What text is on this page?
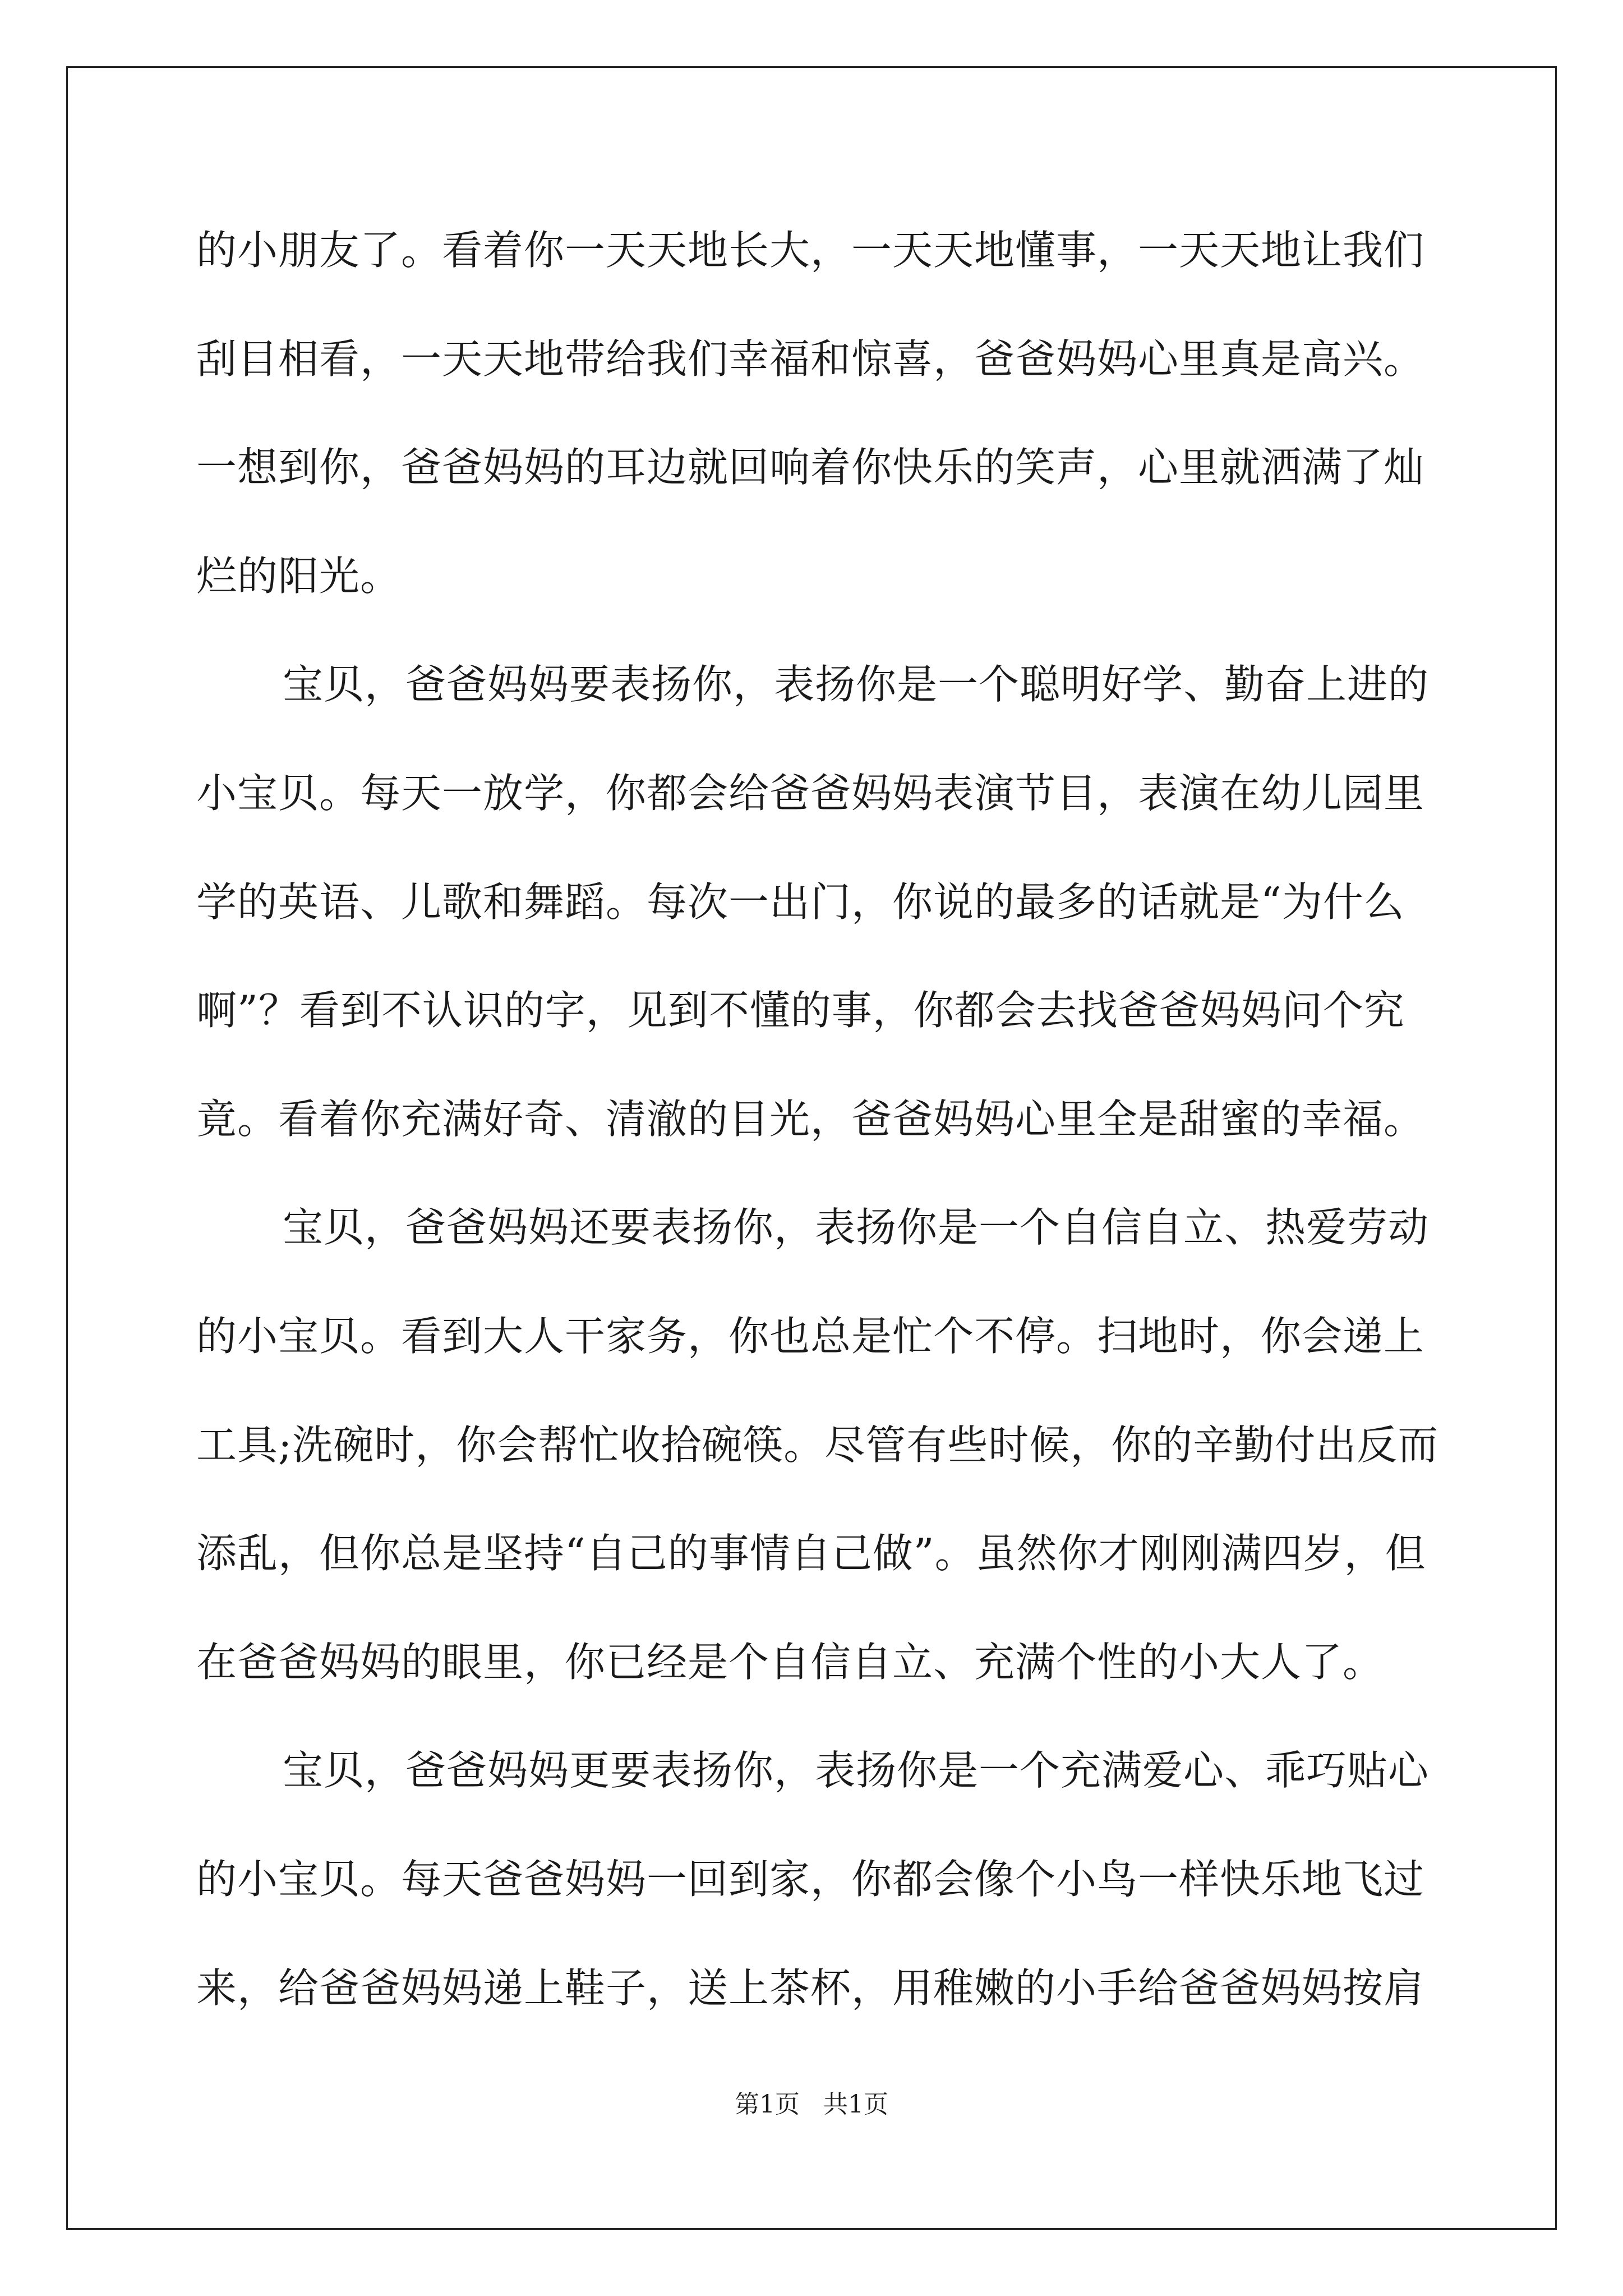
的小朋友了。看着你一天天地长大，一天天地懂事，一天天地让我们
刮目相看，一天天地带给我们幸福和惊喜，爸爸妈妈心里真是高兴。
一想到你，爸爸妈妈的耳边就回响着你快乐的笑声，心里就洒满了灿
烂的阳光。
宝贝，爸爸妈妈要表扬你，表扬你是一个聪明好学、勤奋上进的
小宝贝。每天一放学，你都会给爸爸妈妈表演节目，表演在幼儿园里
学的英语、儿歌和舞蹈。每次一出门，你说的最多的话就是“为什么
啊”？看到不认识的字，见到不懂的事，你都会去找爸爸妈妈问个究
竟。看着你充满好奇、清澈的目光，爸爸妈妈心里全是甜蜜的幸福。
宝贝，爸爸妈妈还要表扬你，表扬你是一个自信自立、热爱劳动
的小宝贝。看到大人干家务，你也总是忙个不停。扫地时，你会递上
工具;洗碗时，你会帮忙收拾碗筷。尽管有些时候，你的辛勤付出反而
添乱，但你总是坚持“自己的事情自己做”。虽然你才刚刚满四岁，但
在爸爸妈妈的眼里，你已经是个自信自立、充满个性的小大人了。
宝贝，爸爸妈妈更要表扬你，表扬你是一个充满爱心、乖巧贴心
的小宝贝。每天爸爸妈妈一回到家，你都会像个小鸟一样快乐地飞过
来，给爸爸妈妈递上鞋子，送上茶杯，用稚嫩的小手给爸爸妈妈按肩
第1页   共1页
